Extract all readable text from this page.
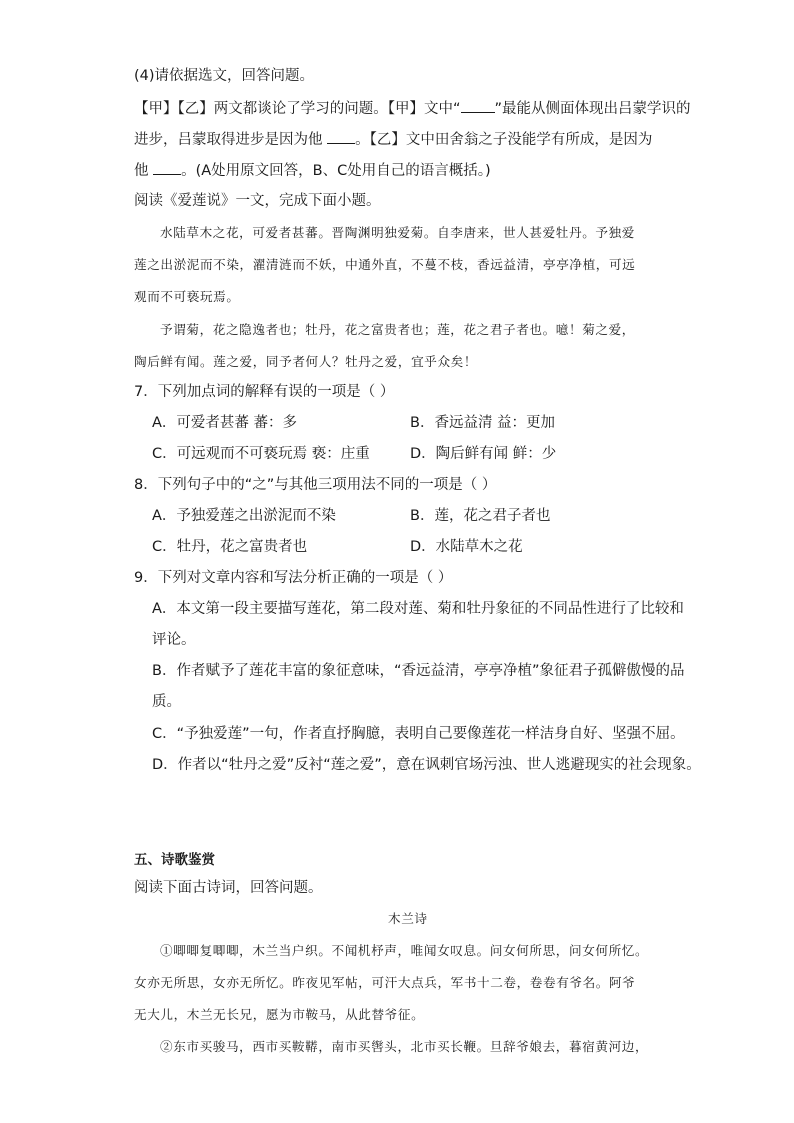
(4)请依据选文，回答问题。
【甲】【乙】两文都谈论了学习的问题。【甲】文中“ ”最能从侧面体现出吕蒙学识的
进步，吕蒙取得进步是因为他 。【乙】文中田舍翁之子没能学有所成，是因为
他 。(A处用原文回答，B、C处用自己的语言概括。)
阅读《爱莲说》一文，完成下面小题。
水陆草木之花，可爱者甚蕃。晋陶渊明独爱菊。自李唐来，世人甚爱牡丹。予独爱
莲之出淤泥而不染，濯清涟而不妖，中通外直，不蔓不枝，香远益清，亭亭净植，可远
观而不可亵玩焉。
予谓菊，花之隐逸者也；牡丹，花之富贵者也；莲，花之君子者也。噫！菊之爱，
陶后鲜有闻。莲之爱，同予者何人？牡丹之爱，宜乎众矣！
7．下列加点词的解释有误的一项是（ ）
A．可爱者甚蕃 蕃：多	B．香远益清 益：更加
C．可远观而不可亵玩焉 亵：庄重	D．陶后鲜有闻 鲜：少
8．下列句子中的“之”与其他三项用法不同的一项是（ ）
A．予独爱莲之出淤泥而不染	B．莲，花之君子者也
C．牡丹，花之富贵者也	D．水陆草木之花
9．下列对文章内容和写法分析正确的一项是（ ）
A．本文第一段主要描写莲花，第二段对莲、菊和牡丹象征的不同品性进行了比较和
评论。
B．作者赋予了莲花丰富的象征意味，“香远益清，亭亭净植”象征君子孤僻傲慢的品
质。
C．“予独爱莲”一句，作者直抒胸臆，表明自己要像莲花一样洁身自好、坚强不屈。
D．作者以“牡丹之爱”反衬“莲之爱”，意在讽刺官场污浊、世人逃避现实的社会现象。
五、诗歌鉴赏
阅读下面古诗词，回答问题。
木兰诗
①唧唧复唧唧，木兰当户织。不闻机杼声，唯闻女叹息。问女何所思，问女何所忆。
女亦无所思，女亦无所忆。昨夜见军帖，可汗大点兵，军书十二卷，卷卷有爷名。阿爷
无大儿，木兰无长兄，愿为市鞍马，从此替爷征。
②东市买骏马，西市买鞍鞯，南市买辔头，北市买长鞭。旦辞爷娘去，暮宿黄河边，
